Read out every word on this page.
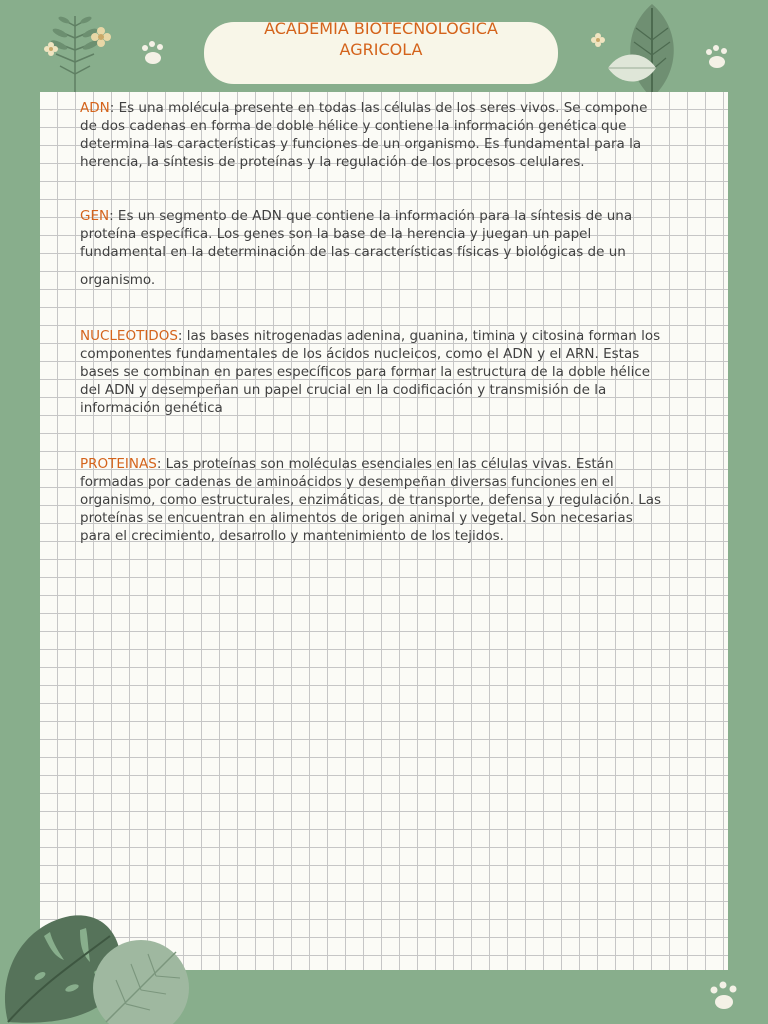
ACADEMIA BIOTECNOLOGICA
AGRICOLA

ADN: Es una molécula presente en todas las células de los seres vivos. Se compone de dos cadenas en forma de doble hélice y contiene la información genética que determina las características y funciones de un organismo. Es fundamental para la herencia, la síntesis de proteínas y la regulación de los procesos celulares.

GEN: Es un segmento de ADN que contiene la información para la síntesis de una proteína específica. Los genes son la base de la herencia y juegan un papel fundamental en la determinación de las características físicas y biológicas de un

organismo.

NUCLEOTIDOS: las bases nitrogenadas adenina, guanina, timina y citosina forman los componentes fundamentales de los ácidos nucleicos, como el ADN y el ARN. Estas bases se combinan en pares específicos para formar la estructura de la doble hélice del ADN y desempeñan un papel crucial en la codificación y transmisión de la información genética

PROTEINAS: Las proteínas son moléculas esenciales en las células vivas. Están formadas por cadenas de aminoácidos y desempeñan diversas funciones en el organismo, como estructurales, enzimáticas, de transporte, defensa y regulación. Las proteínas se encuentran en alimentos de origen animal y vegetal. Son necesarias para el crecimiento, desarrollo y mantenimiento de los tejidos.
